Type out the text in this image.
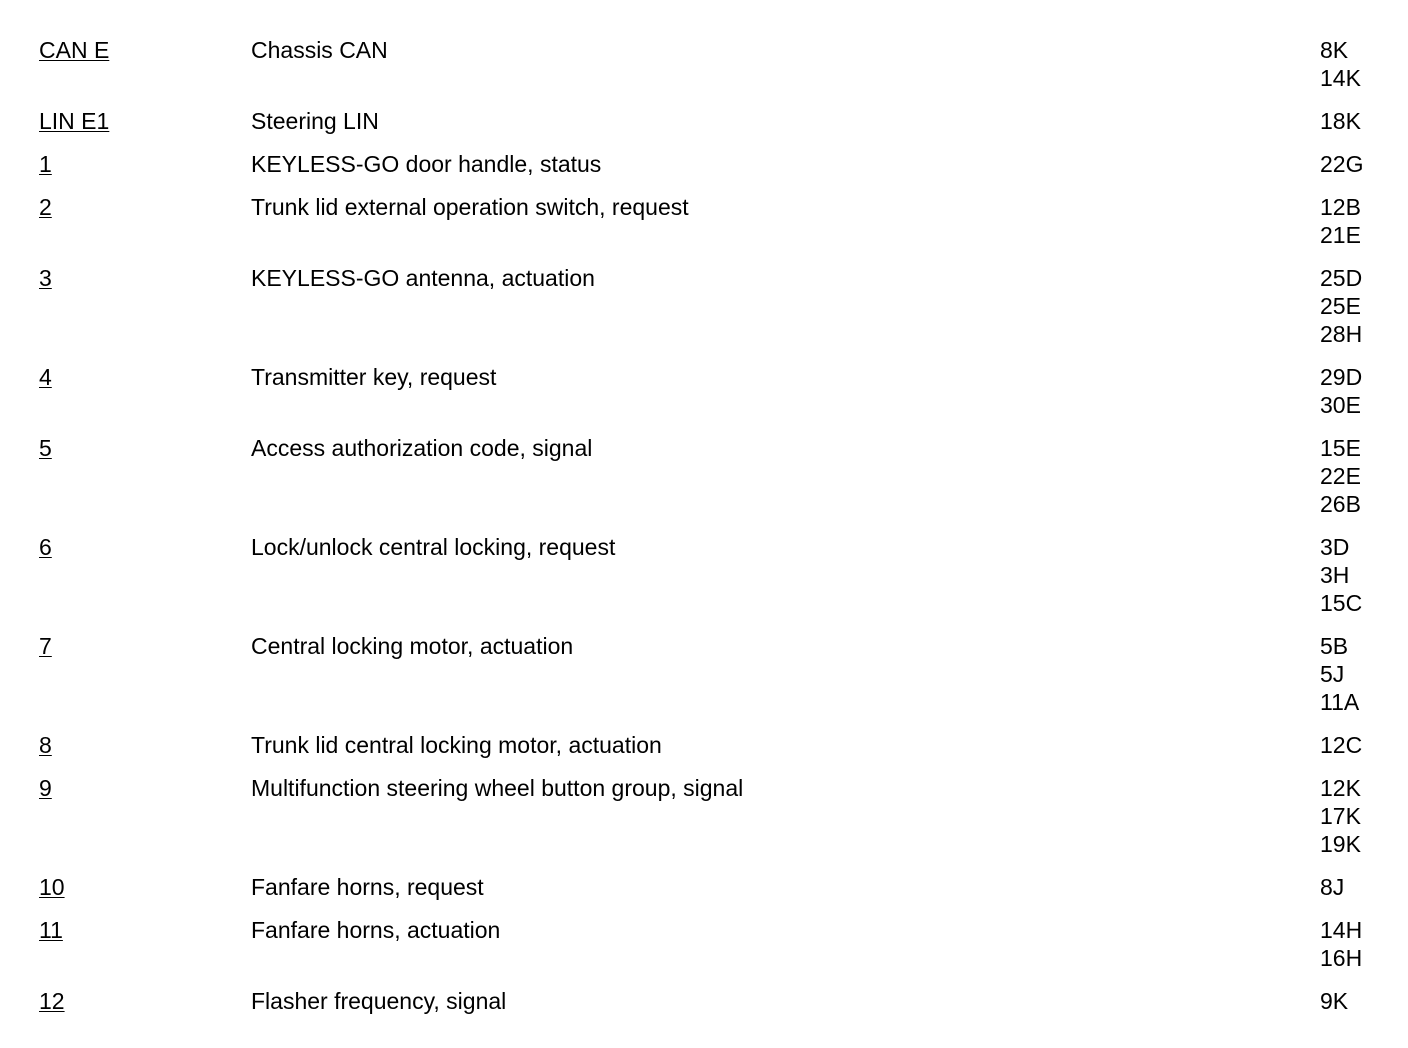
CAN E	Chassis CAN	8K
14K
LIN E1	Steering LIN	18K
1	KEYLESS-GO door handle, status	22G
2	Trunk lid external operation switch, request	12B
21E
3	KEYLESS-GO antenna, actuation	25D
25E
28H
4	Transmitter key, request	29D
30E
5	Access authorization code, signal	15E
22E
26B
6	Lock/unlock central locking, request	3D
3H
15C
7	Central locking motor, actuation	5B
5J
11A
8	Trunk lid central locking motor, actuation	12C
9	Multifunction steering wheel button group, signal	12K
17K
19K
10	Fanfare horns, request	8J
11	Fanfare horns, actuation	14H
16H
12	Flasher frequency, signal	9K
